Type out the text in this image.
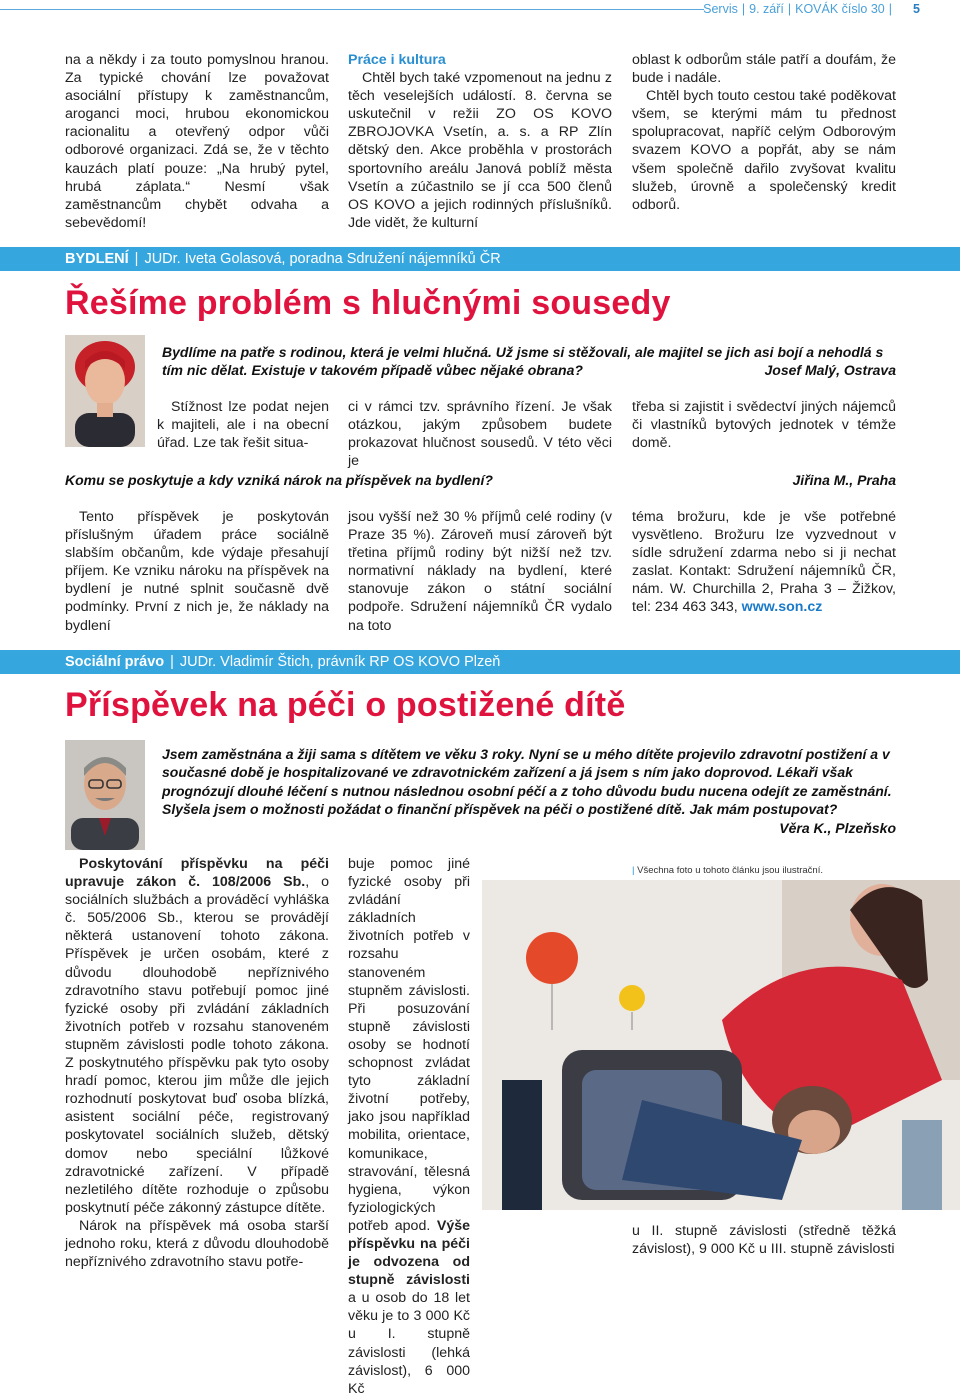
Servis | 9. září | KOVÁK číslo 30 |	5

na a někdy i za touto pomyslnou hranou. Za typické chování lze považovat asociální přístupy k zaměstnancům, aroganci moci, hrubou ekonomickou racionalitu a otevřený odpor vůči odborové organizaci. Zdá se, že v těchto kauzách platí pouze: „Na hrubý pytel, hrubá záplata.“ Nesmí však zaměstnancům chybět odvaha a sebevědomí!

Práce i kultura

Chtěl bych také vzpomenout na jednu z těch veselejších událostí. 8. června se uskutečnil v režii ZO OS KOVO ZBROJOVKA Vsetín, a. s. a RP Zlín dětský den. Akce proběhla v prostorách sportovního areálu Janová poblíž města Vsetín a zúčastnilo se jí cca 500 členů OS KOVO a jejich rodinných příslušníků. Jde vidět, že kulturní

oblast k odborům stále patří a doufám, že bude i nadále.

Chtěl bych touto cestou také poděkovat všem, se kterými mám tu přednost spolupracovat, napříč celým Odborovým svazem KOVO a popřát, aby se nám všem společně dařilo zvyšovat kvalitu služeb, úrovně a společenský kredit odborů.

BYDLENÍ | JUDr. Iveta Golasová, poradna Sdružení nájemníků ČR
Řešíme problém s hlučnými sousedy
Bydlíme na patře s rodinou, která je velmi hlučná. Už jsme si stěžovali, ale majitel se jich asi bojí a nehodlá s tím nic dělat. Existuje v takovém případě vůbec nějaké obrana?	Josef Malý, Ostrava

Stížnost lze podat nejen k majiteli, ale i na obecní úřad. Lze tak řešit situa-

ci v rámci tzv. správního řízení. Je však otázkou, jakým způsobem budete prokazovat hlučnost sousedů. V této věci je

třeba si zajistit i svědectví jiných nájemců či vlastníků bytových jednotek v témže domě.

Komu se poskytuje a kdy vzniká nárok na příspěvek na bydlení?	Jiřina M., Praha

Tento příspěvek je poskytován příslušným úřadem práce sociálně slabším občanům, kde výdaje přesahují příjem. Ke vzniku nároku na příspěvek na bydlení je nutné splnit současně dvě podmínky. První z nich je, že náklady na bydlení

jsou vyšší než 30 % příjmů celé rodiny (v Praze 35 %). Zároveň musí zároveň být třetina příjmů rodiny být nižší než tzv. normativní náklady na bydlení, které stanovuje zákon o státní sociální podpoře. Sdružení nájemníků ČR vydalo na toto

téma brožuru, kde je vše potřebné vysvětleno. Brožuru lze vyzvednout v sídle sdružení zdarma nebo si ji nechat zaslat. Kontakt: Sdružení nájemníků ČR, nám. W. Churchilla 2, Praha 3 – Žižkov, tel: 234 463 343, www.son.cz

Sociální právo | JUDr. Vladimír Štich, právník RP OS KOVO Plzeň
Příspěvek na péči o postižené dítě
Jsem zaměstnána a žiji sama s dítětem ve věku 3 roky. Nyní se u mého dítěte projevilo zdravotní postižení a v současné době je hospitalizované ve zdravotnickém zařízení a já jsem s ním jako doprovod. Lékaři však prognózují dlouhé léčení s nutnou následnou osobní péčí a z toho důvodu budu nucena odejít ze zaměstnání. Slyšela jsem o možnosti požádat o finanční příspěvek na péči o postižené dítě. Jak mám postupovat?
Věra K., Plzeňsko

Poskytování příspěvku na péči upravuje zákon č. 108/2006 Sb., o sociálních službách a prováděcí vyhláška č. 505/2006 Sb., kterou se provádějí některá ustanovení tohoto zákona. Příspěvek je určen osobám, které z důvodu dlouhodobě nepříznivého zdravotního stavu potřebují pomoc jiné fyzické osoby při zvládání základních životních potřeb v rozsahu stanoveném stupněm závislosti podle tohoto zákona. Z poskytnutého příspěvku pak tyto osoby hradí pomoc, kterou jim může dle jejich rozhodnutí poskytovat buď osoba blízká, asistent sociální péče, registrovaný poskytovatel sociálních služeb, dětský domov nebo speciální lůžkové zdravotnické zařízení. V případě nezletilého dítěte rozhoduje o způsobu poskytnutí péče zákonný zástupce dítěte.

Nárok na příspěvek má osoba starší jednoho roku, která z důvodu dlouhodobě nepříznivého zdravotního stavu potře-

buje pomoc jiné fyzické osoby při zvládání základních životních potřeb v rozsahu stanoveném stupněm závislosti. Při posuzování stupně závislosti osoby se hodnotí schopnost zvládat tyto základní životní potřeby, jako jsou například mobilita, orientace, komunikace, stravování, tělesná hygiena, výkon fyziologických potřeb apod. Výše příspěvku na péči je odvozena od stupně závislosti a u osob do 18 let věku je to 3 000 Kč u I. stupně závislosti (lehká závislost), 6 000 Kč

| Všechna foto u tohoto článku jsou ilustrační.

u II. stupně závislosti (středně těžká závislost), 9 000 Kč u III. stupně závislosti
